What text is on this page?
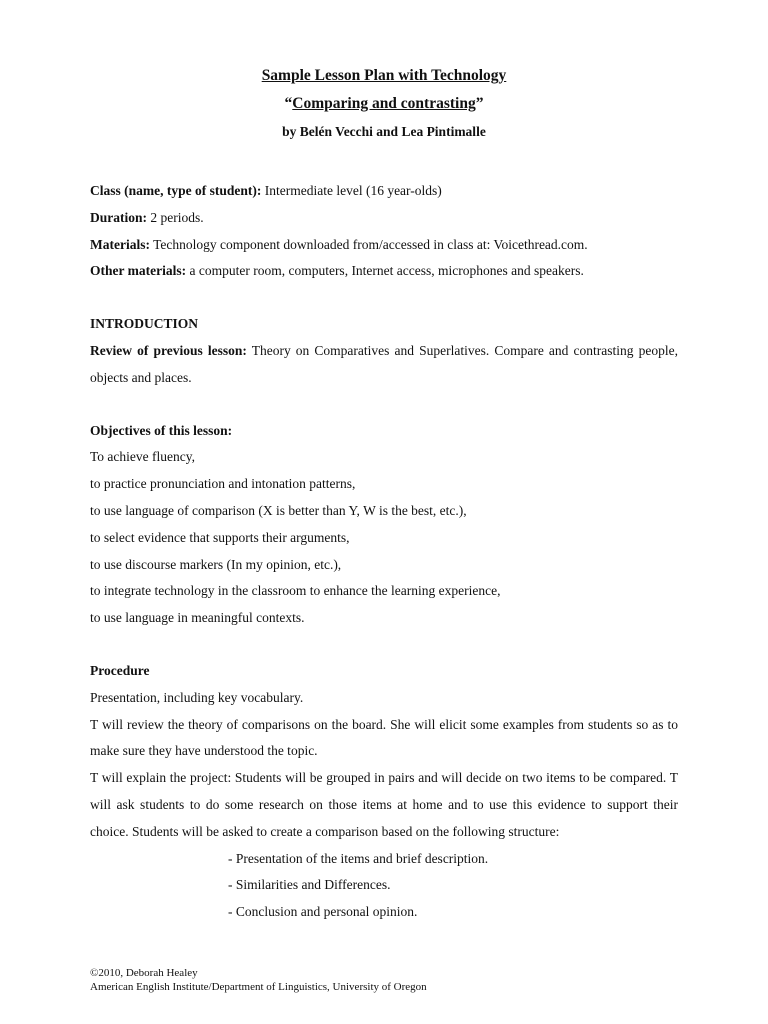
Sample Lesson Plan with Technology

“Comparing and contrasting”

by Belén Vecchi and Lea Pintimalle

Class (name, type of student): Intermediate level (16 year-olds)

Duration: 2 periods.

Materials: Technology component downloaded from/accessed in class at: Voicethread.com.

Other materials: a computer room, computers, Internet access, microphones and speakers.

INTRODUCTION

Review of previous lesson: Theory on Comparatives and Superlatives. Compare and contrasting people, objects and places.

Objectives of this lesson:

To achieve fluency,

to practice pronunciation and intonation patterns,

to use language of comparison (X is better than Y, W is the best, etc.),

to select evidence that supports their arguments,

to use discourse markers (In my opinion, etc.),

to integrate technology in the classroom to enhance the learning experience,

to use language in meaningful contexts.

Procedure

Presentation, including key vocabulary.

T will review the theory of comparisons on the board. She will elicit some examples from students so as to make sure they have understood the topic.

T will explain the project: Students will be grouped in pairs and will decide on two items to be compared. T will ask students to do some research on those items at home and to use this evidence to support their choice. Students will be asked to create a comparison based on the following structure:

- Presentation of the items and brief description.

- Similarities and Differences.

- Conclusion and personal opinion.

©2010, Deborah Healey
American English Institute/Department of Linguistics, University of Oregon
